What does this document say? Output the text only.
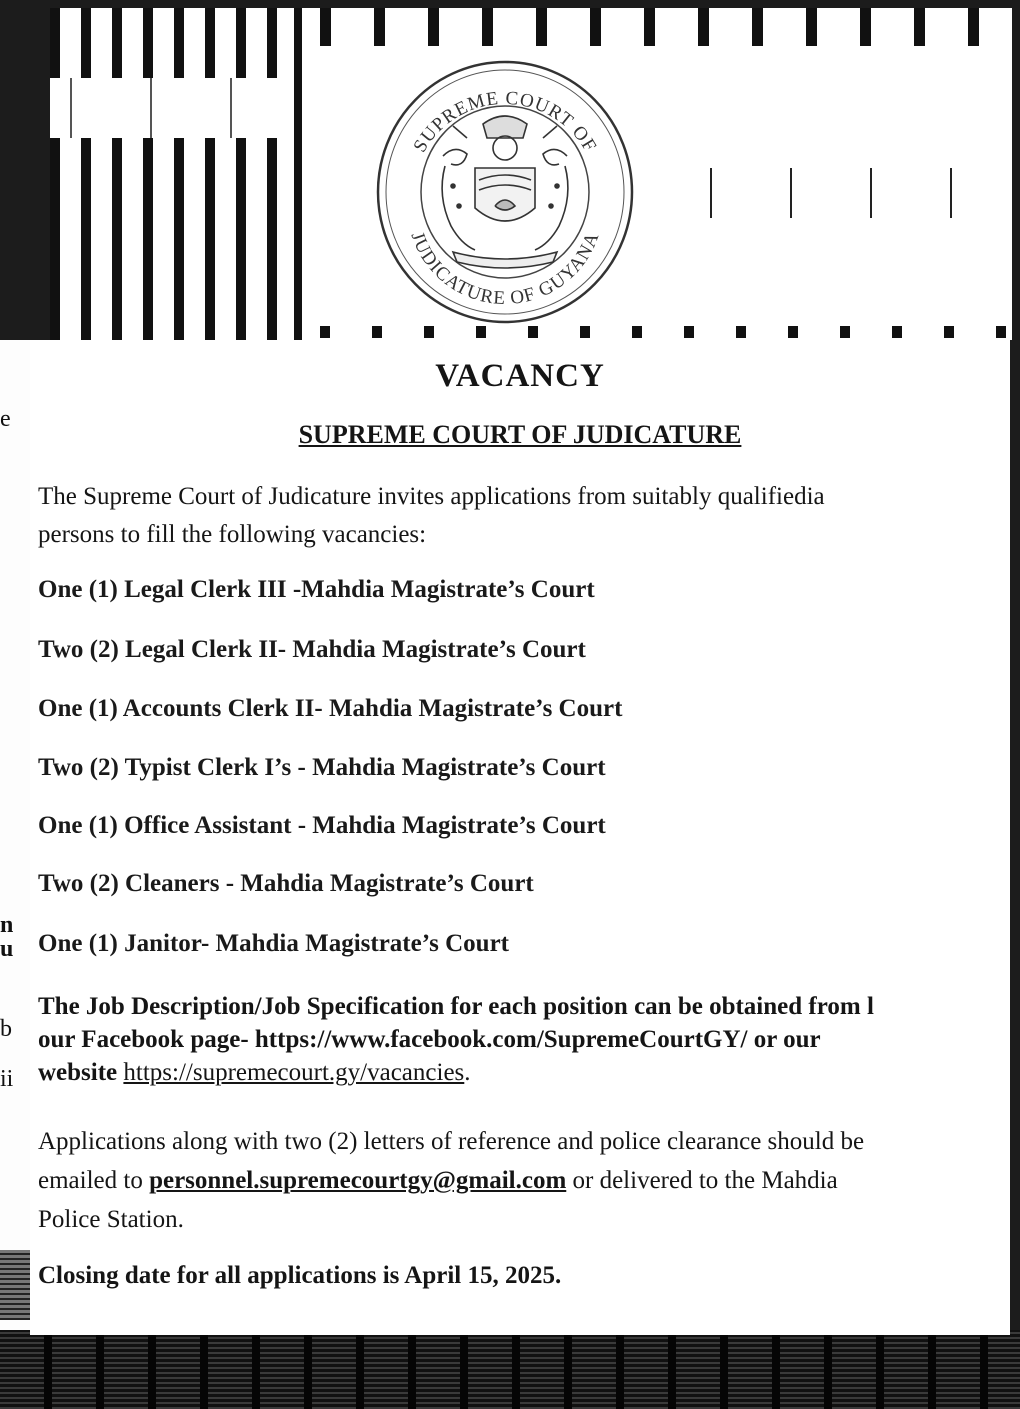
e
n
u
b
ii
SUPREME COURT OF
JUDICATURE OF GUYANA
VACANCY
SUPREME COURT OF JUDICATURE

The Supreme Court of Judicature invites applications from suitably qualifiedia
persons to fill the following vacancies:

One (1) Legal Clerk III -Mahdia Magistrate’s Court

Two (2) Legal Clerk II- Mahdia Magistrate’s Court

One (1) Accounts Clerk II- Mahdia Magistrate’s Court

Two (2) Typist Clerk I’s - Mahdia Magistrate’s Court

One (1) Office Assistant - Mahdia Magistrate’s Court

Two (2) Cleaners - Mahdia Magistrate’s Court

One (1) Janitor- Mahdia Magistrate’s Court

The Job Description/Job Specification for each position can be obtained from l
our Facebook page- https://www.facebook.com/SupremeCourtGY/ or our
website https://supremecourt.gy/vacancies.

Applications along with two (2) letters of reference and police clearance should be
emailed to personnel.supremecourtgy@gmail.com or delivered to the Mahdia
Police Station.

Closing date for all applications is April 15, 2025.
